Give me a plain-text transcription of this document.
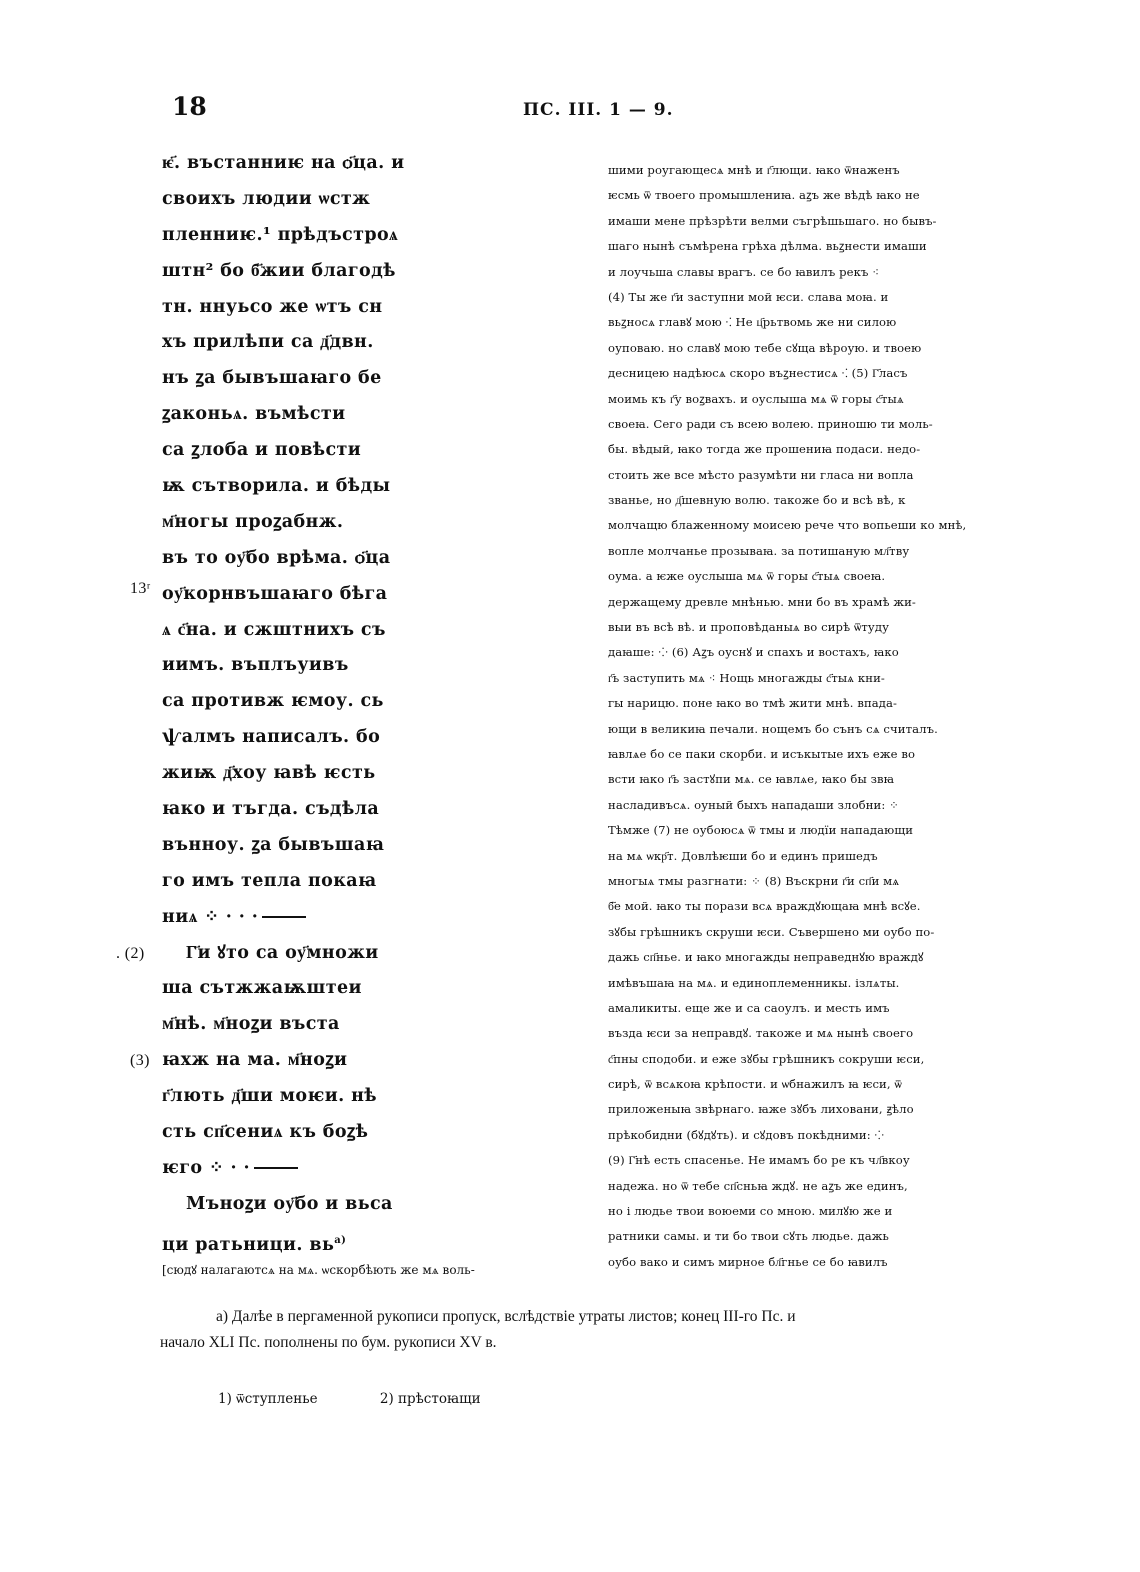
18	ПС. III. 1 — 9.
ѥ҃. въстанниѥ на ѻ҃ца. и
своихъ людии ѡстж
пленниѥ.¹ прѣдъстроѧ
штн² бо б҃жии благодѣ
тн. ннуьсо же ѡтъ сн
хъ прилѣпи са д҃двн.
нъ ꙁа бывъшаꙗго бе
ꙁаконьѧ. въмѣсти
са ꙁлоба и повѣсти
ѭ сътворила. и бѣды
м҃ногы проꙁабнж.
въ то оу҃бо врѣма. ѻ҃ца
13ʳ оу҃корнвъшаꙗго бѣга
ѧ с҃на. и сжштнихъ съ
иимъ. въплъуивъ
са противж ѥмоу. сь
ѱалмъ написалъ. бо
жиѭ д҃хоу ꙗвѣ ѥсть
ꙗко и тъгда. съдѣла
вънноу. ꙁа бывъшаꙗ
го имъ тепла покаꙗ
ниѧ ⁘ · · ·
. (2) Г҃и ꙋто са оу҃множи
ша сътжжаѭштеи
м҃нѣ. м҃ноꙁи въста
(3) ꙗхж на ма. м҃ноꙁи
г҃лють д҃ши моѥи. нѣ
сть сп҃сениѧ къ боꙁѣ
ѥго ⁘ · ·
Мъноꙁи оу҃бо и вьса
ци ратьници. $вь^{а)}$
[сюдꙋ налагаютсѧ на мѧ. ѡскорбѣють же мѧ воль-
шими роугающесѧ мнѣ и г҃лющи. ꙗко ѿнаженъ
ѥсмь ѿ твоего промышлениꙗ. аꙁъ же вѣдѣ ꙗко не
имаши мене прѣзрѣти велми съгрѣшьшаго. но бывъ-
шаго нынѣ съмѣрена грѣха дѣлма. вьꙁнести имаши
и лоучьша славы врагъ. се бо ꙗвилъ рекъ ⁖
(4) Ты же г҃и заступни мой ѥси. слава моꙗ. и
вьꙁносѧ главꙋ мою ⁖ Не ц҃рьтвомь же ни силою
оуповаю. но славꙋ мою тебе сꙋща вѣроую. и твоею
десницею надѣюсѧ скоро въꙁнестисѧ ⁖ (5) Г҃ласъ
моимь къ г҃у воꙁвахъ. и оуслыша мѧ ѿ горы с҃тыѧ
своеꙗ. Сего ради съ всею волею. приношю ти моль-
бы. вѣдый, ꙗко тогда же прошениꙗ подаси. недо-
стоить же все мѣсто разумѣти ни гласа ни вопла
званье, но д҃шевную волю. такоже бо и всѣ вѣ, к
молчащю блаженному моисею рече что вопьеши ко мнѣ,
вопле молчанье прозываꙗ. за потишаную мл҃тву
оума. а ѥже оуслыша мѧ ѿ горы с҃тыѧ своеꙗ.
держащему древле мнѣнью. мни бо въ храмѣ жи-
выи въ всѣ вѣ. и проповѣданыѧ во сирѣ ѿтуду
даꙗше: ⁘ (6) Аꙁъ оуснꙋ и спахъ и востахъ, ꙗко
г҃ь заступить мѧ ⁖ Нощь многажды с҃тыѧ кни-
гы нарицю. поне ꙗко во тмѣ жити мнѣ. впада-
ющи в великиꙗ печали. нощемъ бо сънъ сѧ считалъ.
ꙗвлѧе бо се паки скорби. и исъкытые ихъ еже во
всти ꙗко г҃ь застꙋпи мѧ. се ꙗвлѧе, ꙗко бы звꙗ
насладивъсѧ. оуный быхъ нападаши злобни: ⁘
Тѣмже (7) не оубоюсѧ ѿ тмы и людїи нападающи
на мѧ ѡкр҃т. Довлѣѥши бо и единъ пришедъ
многыѧ тмы разгнати: ⁘ (8) Въскрни г҃и сп҃и мѧ
б҃е мой. ꙗко ты порази всѧ враждꙋющаꙗ мнѣ всꙋе.
зꙋбы грѣшникъ скруши ѥси. Съвершено ми оубо по-
дажь сп҃нье. и ꙗко многажды неправеднꙋю враждꙋ
имѣвъшаꙗ на мѧ. и единоплеменникы. ізлѧты.
амаликиты. еще же и са саоулъ. и месть имъ
възда ѥси за неправдꙋ. такоже и мѧ нынѣ своего
с҃пны сподоби. и еже зꙋбы грѣшникъ сокруши ѥси,
сирѣ, ѿ всѧкоꙗ крѣпости. и ѡбнажилъ ꙗ ѥси, ѿ
приложеныꙗ звѣрнаго. ꙗже зꙋбъ лиховани, ꙃѣло
прѣкобидни (бꙋдꙋть). и сꙋдовъ покѣдними: ⁘
(9) Г҃нѣ есть спасенье. Не имамъ бо ре къ чл҃вкоу
надежа. но ѿ тебе сп҃сньꙗ ждꙋ. не аꙁъ же единъ,
но і людье твои воюеми со мною. милꙋю же и
ратники самы. и ти бо твои сꙋть людье. дажь
оубо вако и симъ мирное бл҃гнье се бо ꙗвилъ
а) Далѣе в пергаменной рукописи пропуск, вслѣдствіе утраты листов; конец III-го Пс. и
начало XLI Пс. пополнены по бум. рукописи XV в.
1) ѿступленье	2) прѣстоꙗщи
